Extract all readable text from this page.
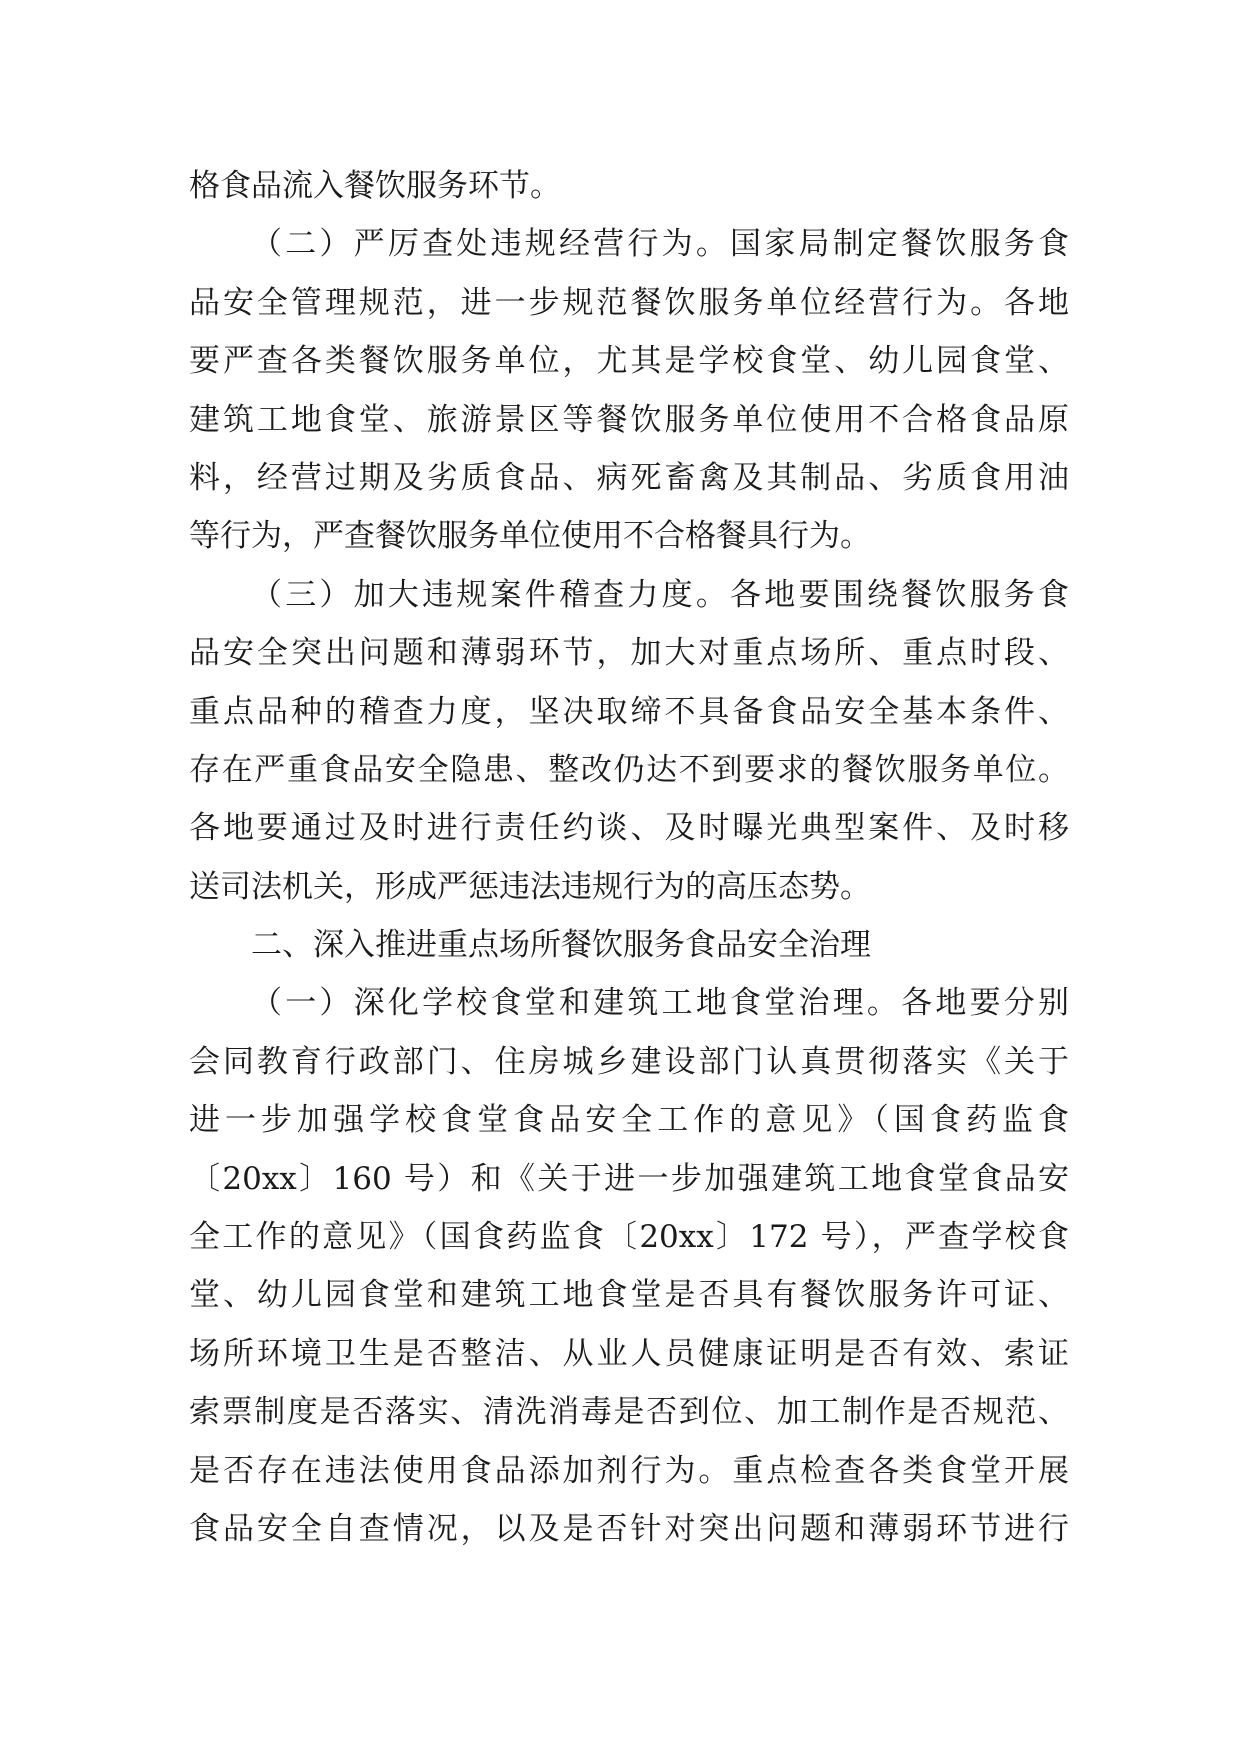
格食品流入餐饮服务环节。
（二）严厉查处违规经营行为。国家局制定餐饮服务食
品安全管理规范，进一步规范餐饮服务单位经营行为。各地
要严查各类餐饮服务单位，尤其是学校食堂、幼儿园食堂、
建筑工地食堂、旅游景区等餐饮服务单位使用不合格食品原
料，经营过期及劣质食品、病死畜禽及其制品、劣质食用油
等行为，严查餐饮服务单位使用不合格餐具行为。
（三）加大违规案件稽查力度。各地要围绕餐饮服务食
品安全突出问题和薄弱环节，加大对重点场所、重点时段、
重点品种的稽查力度，坚决取缔不具备食品安全基本条件、
存在严重食品安全隐患、整改仍达不到要求的餐饮服务单位。
各地要通过及时进行责任约谈、及时曝光典型案件、及时移
送司法机关，形成严惩违法违规行为的高压态势。
二、深入推进重点场所餐饮服务食品安全治理
（一）深化学校食堂和建筑工地食堂治理。各地要分别
会同教育行政部门、住房城乡建设部门认真贯彻落实《关于
进一步加强学校食堂食品安全工作的意见》（国食药监食
〔20xx〕160 号）和《关于进一步加强建筑工地食堂食品安
全工作的意见》（国食药监食〔20xx〕172 号），严查学校食
堂、幼儿园食堂和建筑工地食堂是否具有餐饮服务许可证、
场所环境卫生是否整洁、从业人员健康证明是否有效、索证
索票制度是否落实、清洗消毒是否到位、加工制作是否规范、
是否存在违法使用食品添加剂行为。重点检查各类食堂开展
食品安全自查情况，以及是否针对突出问题和薄弱环节进行
